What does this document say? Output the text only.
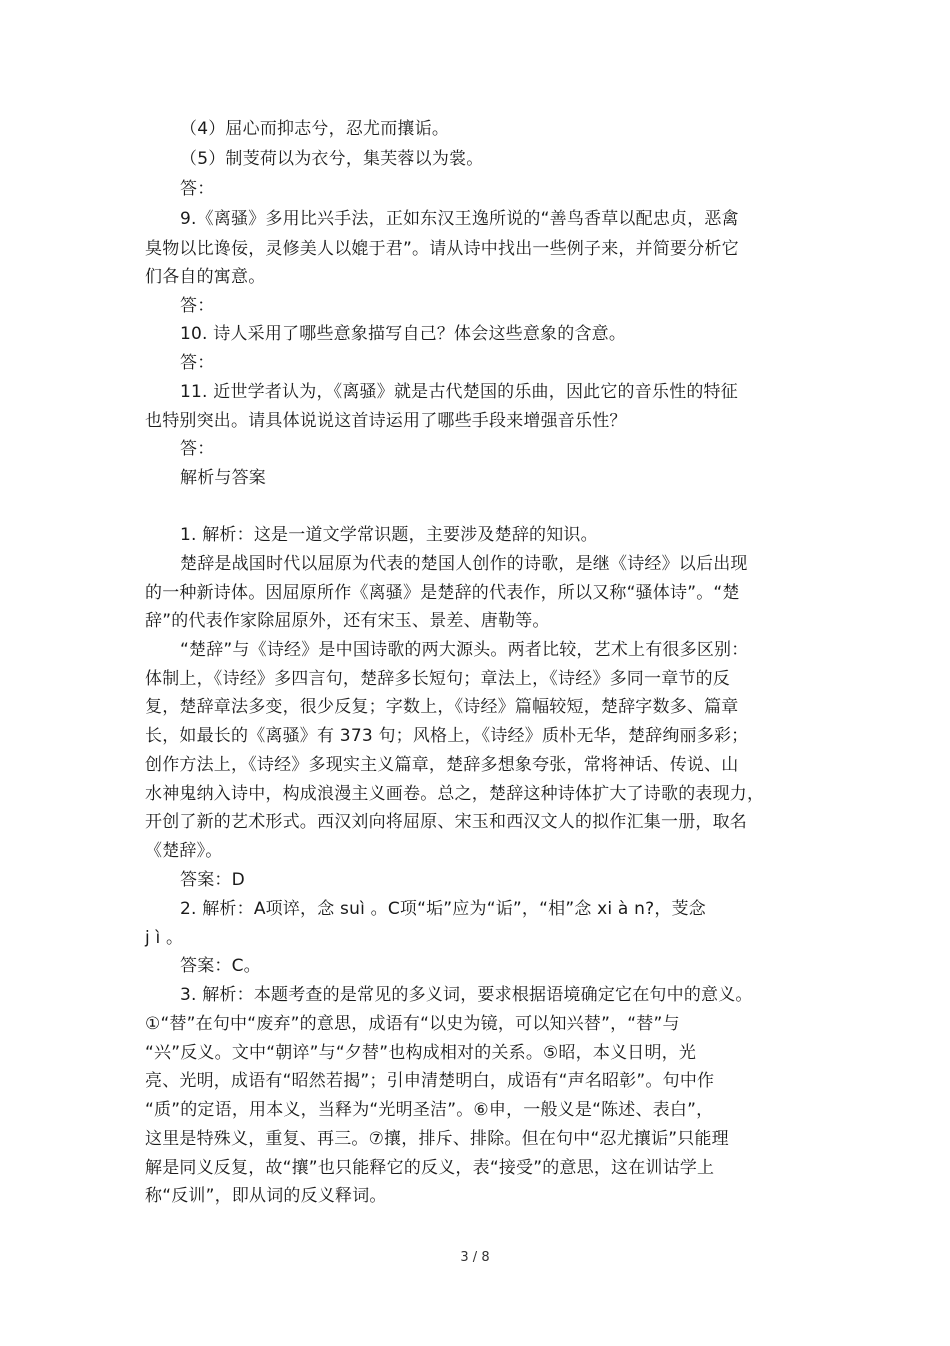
（4）屈心而抑志兮，忍尤而攘诟。
（5）制芰荷以为衣兮，集芙蓉以为裳。
答：
9.《离骚》多用比兴手法，正如东汉王逸所说的“善鸟香草以配忠贞，恶禽
臭物以比谗佞，灵修美人以媲于君”。请从诗中找出一些例子来，并简要分析它
们各自的寓意。
答：
10. 诗人采用了哪些意象描写自己？体会这些意象的含意。
答：
11. 近世学者认为，《离骚》就是古代楚国的乐曲，因此它的音乐性的特征
也特别突出。请具体说说这首诗运用了哪些手段来增强音乐性？
答：
解析与答案
1. 解析：这是一道文学常识题，主要涉及楚辞的知识。
楚辞是战国时代以屈原为代表的楚国人创作的诗歌，是继《诗经》以后出现
的一种新诗体。因屈原所作《离骚》是楚辞的代表作，所以又称“骚体诗”。“楚
辞”的代表作家除屈原外，还有宋玉、景差、唐勒等。
“楚辞”与《诗经》是中国诗歌的两大源头。两者比较，艺术上有很多区别：
体制上，《诗经》多四言句，楚辞多长短句；章法上，《诗经》多同一章节的反
复，楚辞章法多变，很少反复；字数上，《诗经》篇幅较短，楚辞字数多、篇章
长，如最长的《离骚》有 373 句；风格上，《诗经》质朴无华，楚辞绚丽多彩；
创作方法上，《诗经》多现实主义篇章，楚辞多想象夸张，常将神话、传说、山
水神鬼纳入诗中，构成浪漫主义画卷。总之，楚辞这种诗体扩大了诗歌的表现力，
开创了新的艺术形式。西汉刘向将屈原、宋玉和西汉文人的拟作汇集一册，取名
《楚辞》。
答案：D
2. 解析：A项谇，念 suì 。C项“垢”应为“诟”，“相”念 xi à n?，芰念
j ì 。
答案：C。
3. 解析：本题考查的是常见的多义词，要求根据语境确定它在句中的意义。
①“替”在句中“废弃”的意思，成语有“以史为镜，可以知兴替”，“替”与
“兴”反义。文中“朝谇”与“夕替”也构成相对的关系。⑤昭，本义日明，光
亮、光明，成语有“昭然若揭”；引申清楚明白，成语有“声名昭彰”。句中作
“质”的定语，用本义，当释为“光明圣洁”。⑥申，一般义是“陈述、表白”，
这里是特殊义，重复、再三。⑦攘，排斥、排除。但在句中“忍尤攘诟”只能理
解是同义反复，故“攘”也只能释它的反义，表“接受”的意思，这在训诂学上
称“反训”，即从词的反义释词。
3 / 8
